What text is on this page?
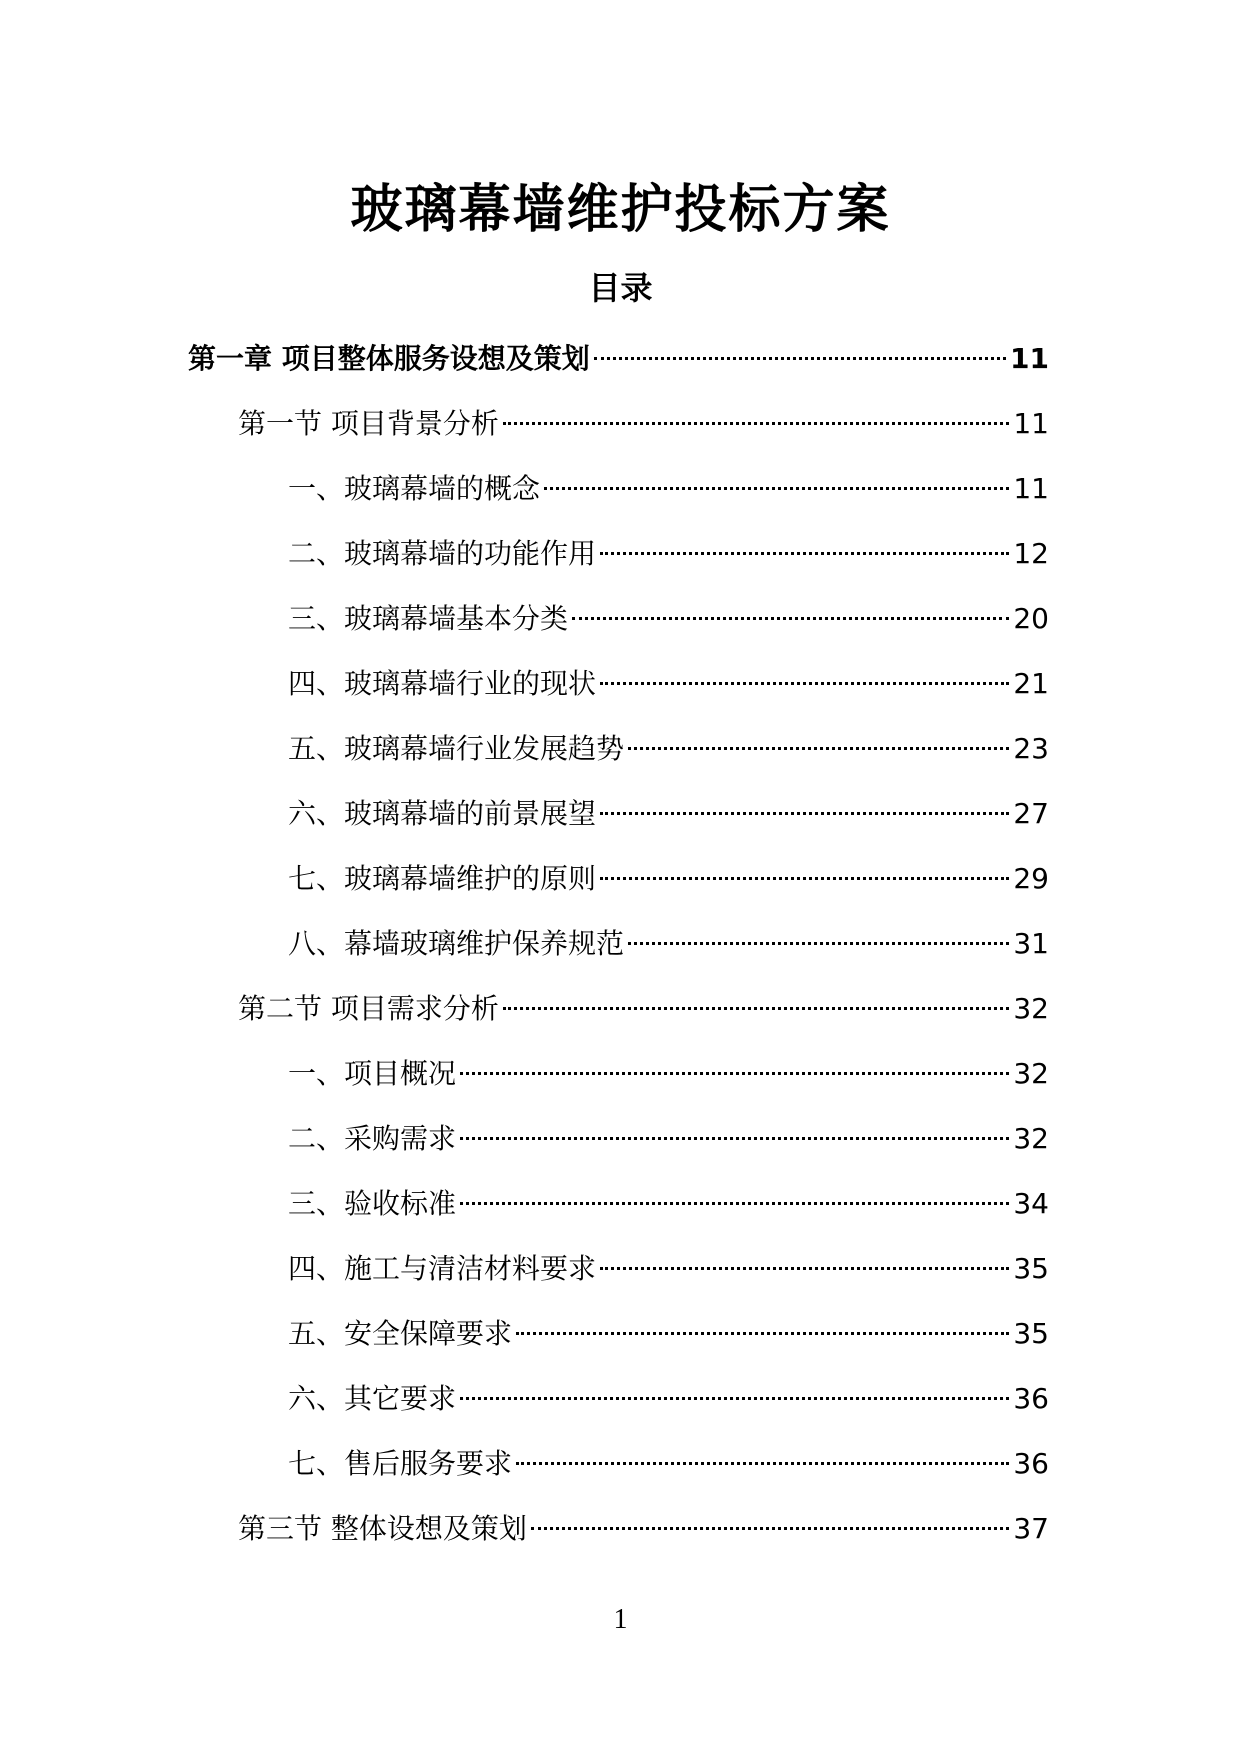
玻璃幕墙维护投标方案
目录
第一章 项目整体服务设想及策划	11
第一节 项目背景分析	11
一、玻璃幕墙的概念	11
二、玻璃幕墙的功能作用	12
三、玻璃幕墙基本分类	20
四、玻璃幕墙行业的现状	21
五、玻璃幕墙行业发展趋势	23
六、玻璃幕墙的前景展望	27
七、玻璃幕墙维护的原则	29
八、幕墙玻璃维护保养规范	31
第二节 项目需求分析	32
一、项目概况	32
二、采购需求	32
三、验收标准	34
四、施工与清洁材料要求	35
五、安全保障要求	35
六、其它要求	36
七、售后服务要求	36
第三节 整体设想及策划	37
1
